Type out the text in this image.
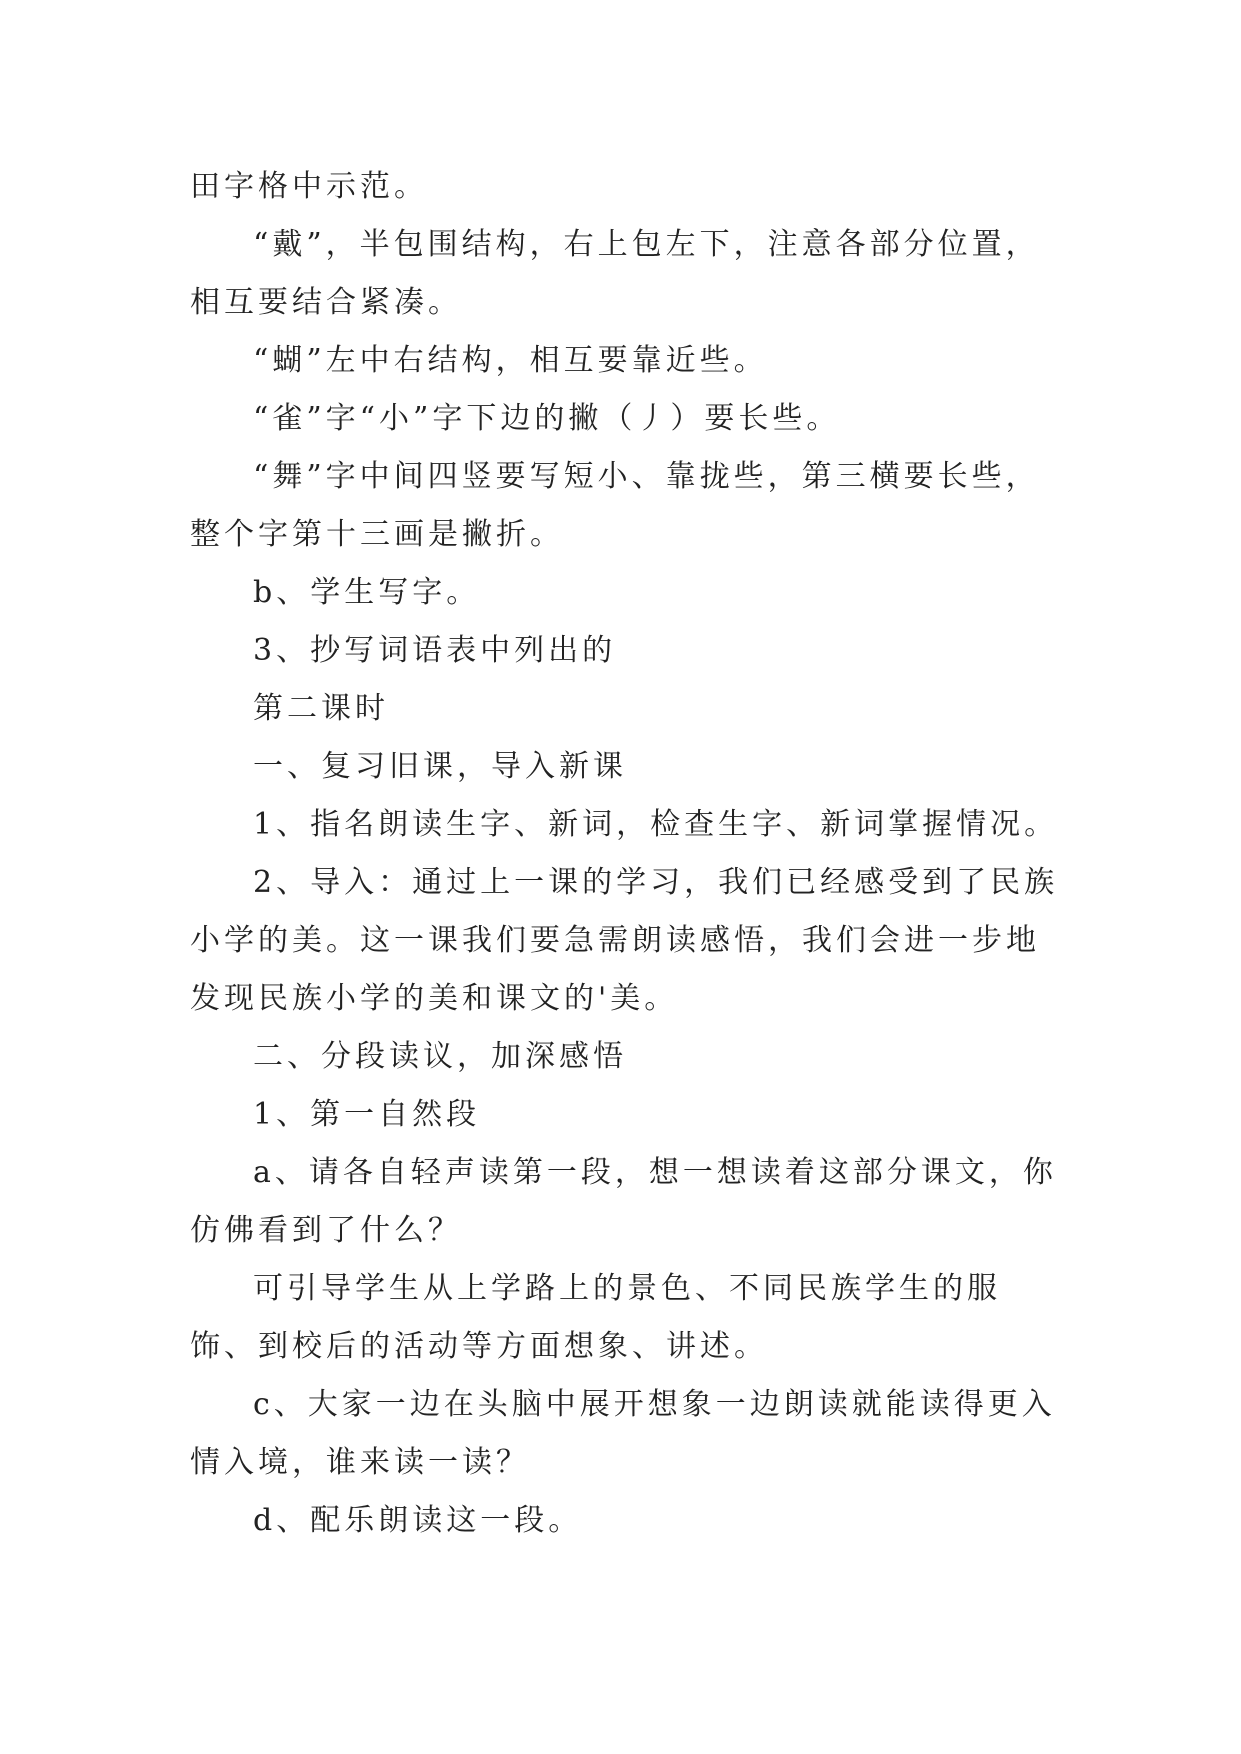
田字格中示范。

“戴”，半包围结构，右上包左下，注意各部分位置，相互要结合紧凑。

“蝴”左中右结构，相互要靠近些。

“雀”字“小”字下边的撇（丿）要长些。

“舞”字中间四竖要写短小、靠拢些，第三横要长些，整个字第十三画是撇折。

b、学生写字。

3、抄写词语表中列出的

第二课时

一、复习旧课，导入新课

1、指名朗读生字、新词，检查生字、新词掌握情况。

2、导入：通过上一课的学习，我们已经感受到了民族小学的美。这一课我们要急需朗读感悟，我们会进一步地发现民族小学的美和课文的'美。

二、分段读议，加深感悟

1、第一自然段

a、请各自轻声读第一段，想一想读着这部分课文，你仿佛看到了什么？

可引导学生从上学路上的景色、不同民族学生的服饰、到校后的活动等方面想象、讲述。

c、大家一边在头脑中展开想象一边朗读就能读得更入情入境，谁来读一读？

d、配乐朗读这一段。
